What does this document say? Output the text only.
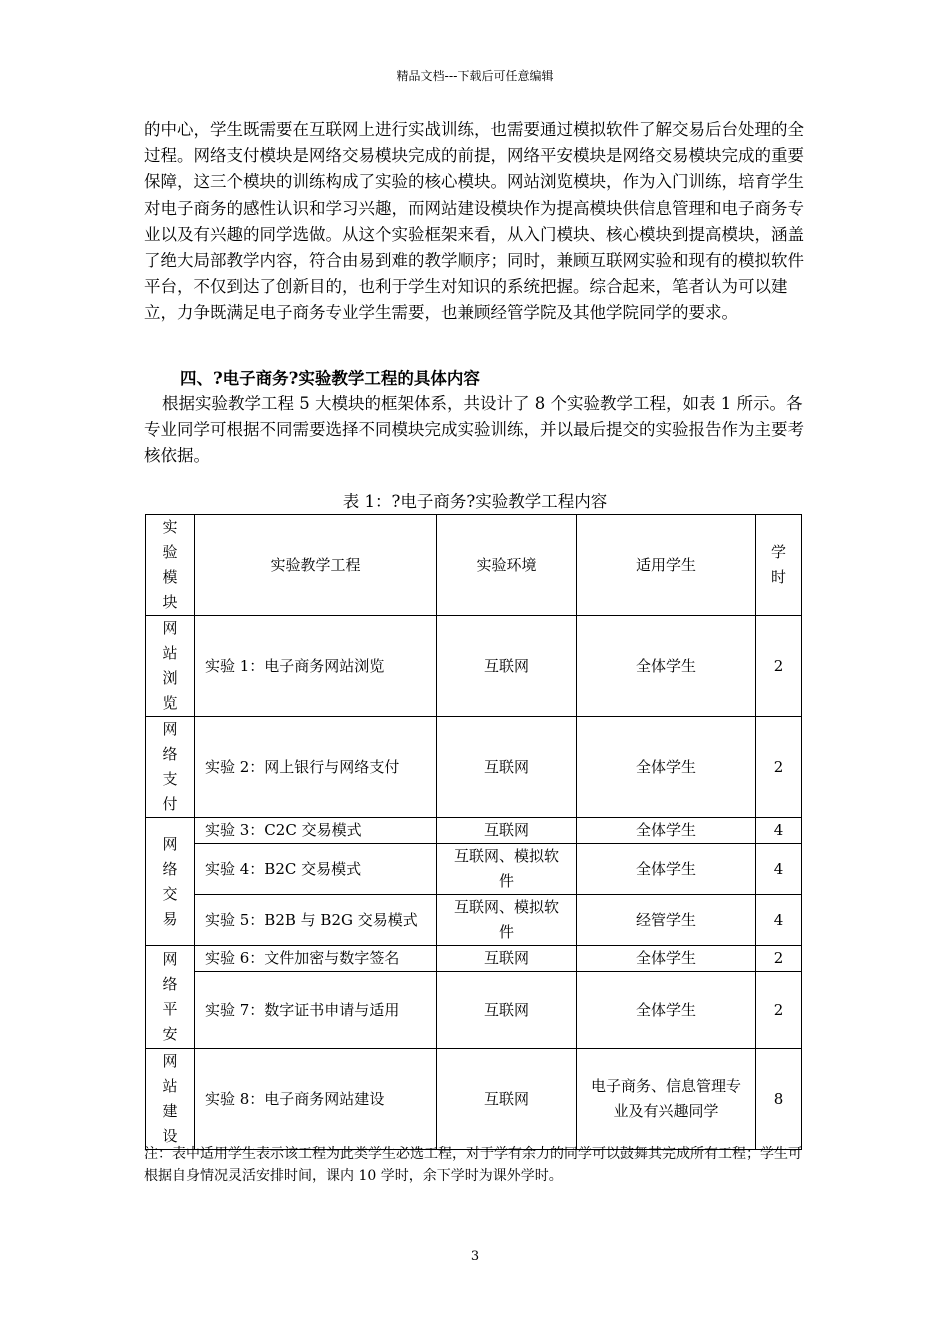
精品文档---下载后可任意编辑
的中心，学生既需要在互联网上进行实战训练，也需要通过模拟软件了解交易后台处理的全过程。网络支付模块是网络交易模块完成的前提，网络平安模块是网络交易模块完成的重要保障，这三个模块的训练构成了实验的核心模块。网站浏览模块，作为入门训练，培育学生对电子商务的感性认识和学习兴趣，而网站建设模块作为提高模块供信息管理和电子商务专业以及有兴趣的同学选做。从这个实验框架来看，从入门模块、核心模块到提高模块，涵盖了绝大局部教学内容，符合由易到难的教学顺序；同时，兼顾互联网实验和现有的模拟软件平台，不仅到达了创新目的，也利于学生对知识的系统把握。综合起来，笔者认为可以建立，力争既满足电子商务专业学生需要，也兼顾经管学院及其他学院同学的要求。
四、?电子商务?实验教学工程的具体内容
根据实验教学工程 5 大模块的框架体系，共设计了 8 个实验教学工程，如表 1 所示。各专业同学可根据不同需要选择不同模块完成实验训练，并以最后提交的实验报告作为主要考核依据。
表 1：?电子商务?实验教学工程内容
实验模块	实验教学工程	实验环境	适用学生	学时
网站浏览	实验 1：电子商务网站浏览	互联网	全体学生	2
网络支付	实验 2：网上银行与网络支付	互联网	全体学生	2
网络交易	实验 3：C2C 交易模式	互联网	全体学生	4
	实验 4：B2C 交易模式	互联网、模拟软件	全体学生	4
	实验 5：B2B 与 B2G 交易模式	互联网、模拟软件	经管学生	4
网络平安	实验 6：文件加密与数字签名	互联网	全体学生	2
	实验 7：数字证书申请与适用	互联网	全体学生	2
网站建设	实验 8：电子商务网站建设	互联网	电子商务、信息管理专业及有兴趣同学	8
注：表中适用学生表示该工程为此类学生必选工程，对于学有余力的同学可以鼓舞其完成所有工程；学生可根据自身情况灵活安排时间，课内 10 学时，余下学时为课外学时。
3
